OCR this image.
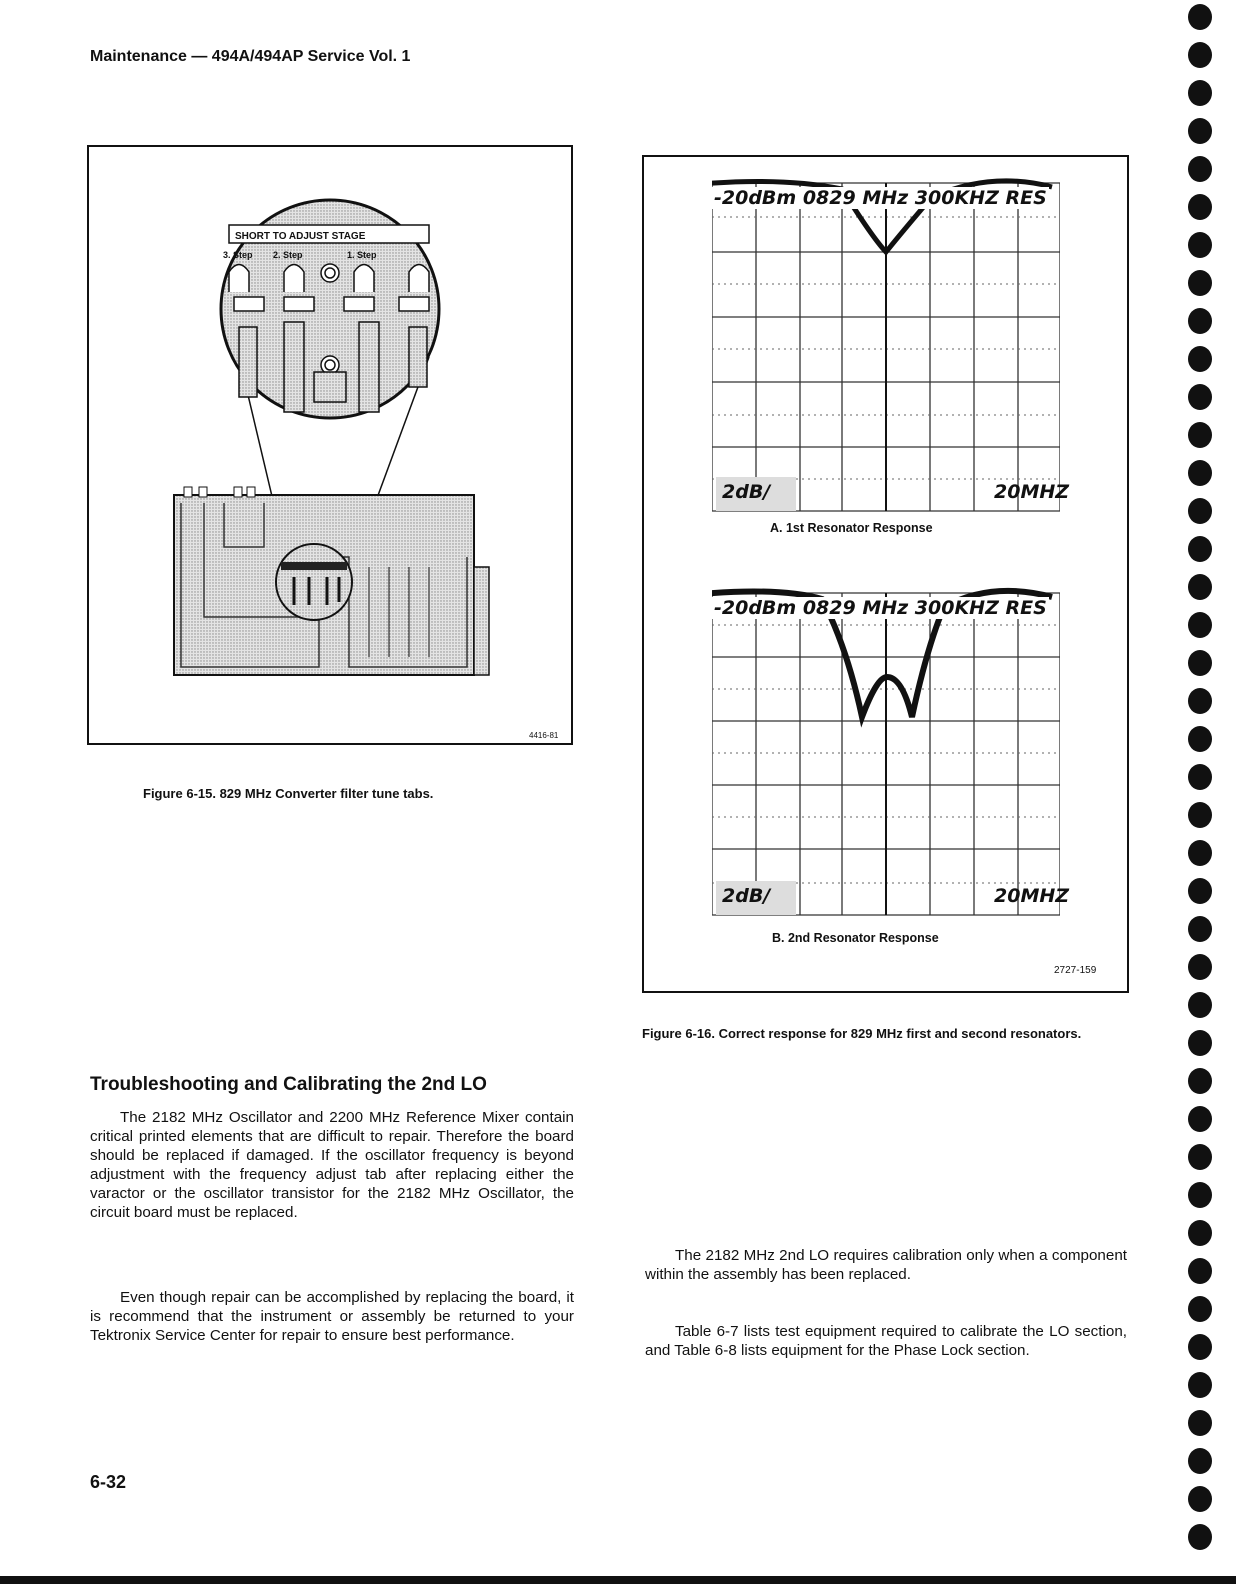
Maintenance — 494A/494AP Service Vol. 1
SHORT TO ADJUST STAGE
3. Step 2. Step	1. Step
4416-81
Figure 6-15. 829 MHz Converter filter tune tabs.
-20dBm 0829 MHz 300KHZ RES
2dB/	20MHZ
A. 1st Resonator Response
-20dBm 0829 MHz 300KHZ RES
2dB/	20MHZ
B. 2nd Resonator Response
2727-159
Figure 6-16. Correct response for 829 MHz first and second resonators.
Troubleshooting and Calibrating the 2nd LO

The 2182 MHz Oscillator and 2200 MHz Reference Mixer contain critical printed elements that are difficult to repair. Therefore the board should be replaced if damaged. If the oscillator frequency is beyond adjustment with the frequency adjust tab after replacing either the varactor or the oscillator transistor for the 2182 MHz Oscillator, the circuit board must be replaced.

Even though repair can be accomplished by replacing the board, it is recommend that the instrument or assembly be returned to your Tektronix Service Center for repair to ensure best performance.

The 2182 MHz 2nd LO requires calibration only when a component within the assembly has been replaced.

Table 6-7 lists test equipment required to calibrate the LO section, and Table 6-8 lists equipment for the Phase Lock section.

6-32
